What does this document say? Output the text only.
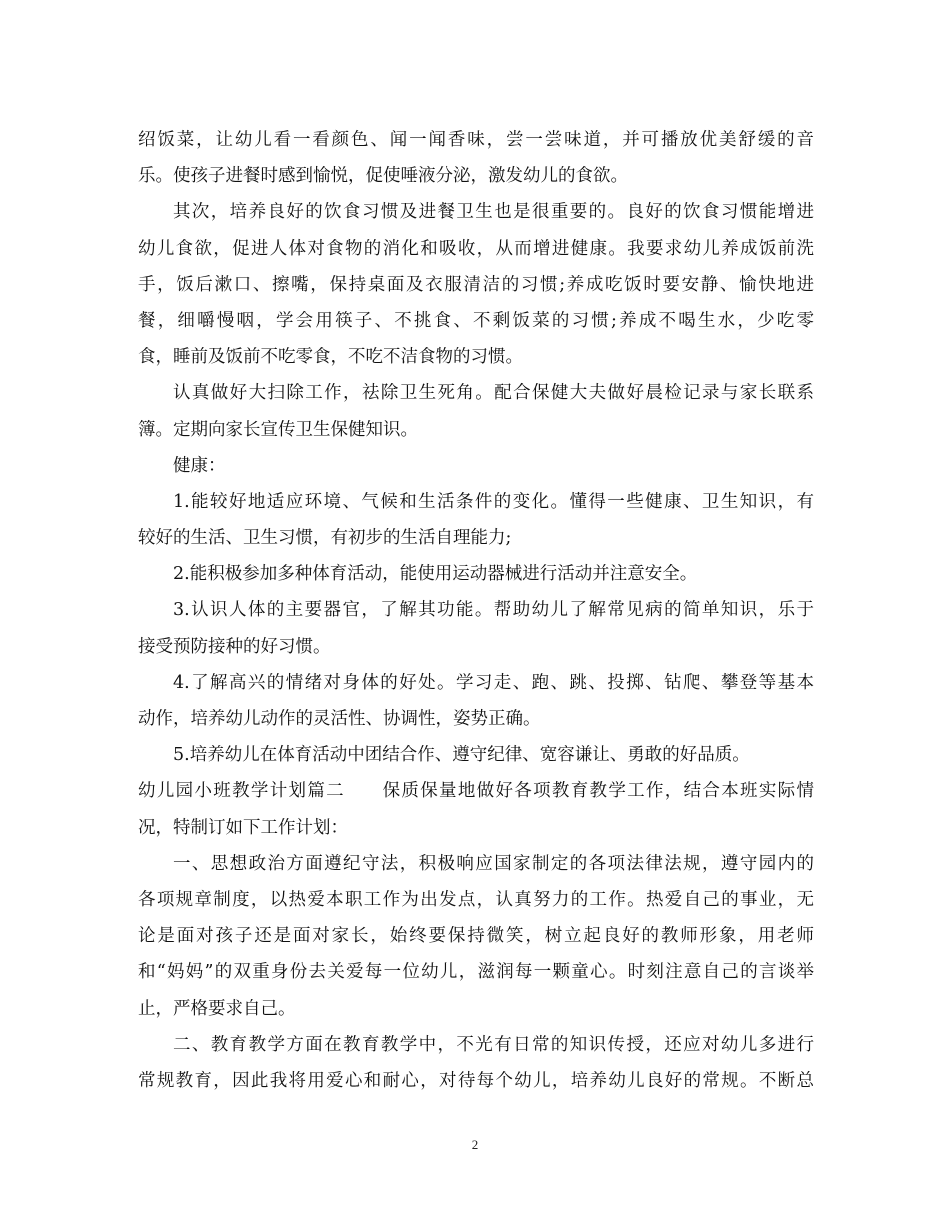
绍饭菜，让幼儿看一看颜色、闻一闻香味，尝一尝味道，并可播放优美舒缓的音
乐。使孩子进餐时感到愉悦，促使唾液分泌，激发幼儿的食欲。
其次，培养良好的饮食习惯及进餐卫生也是很重要的。良好的饮食习惯能增进
幼儿食欲，促进人体对食物的消化和吸收，从而增进健康。我要求幼儿养成饭前洗
手，饭后漱口、擦嘴，保持桌面及衣服清洁的习惯;养成吃饭时要安静、愉快地进
餐，细嚼慢咽，学会用筷子、不挑食、不剩饭菜的习惯;养成不喝生水，少吃零
食，睡前及饭前不吃零食，不吃不洁食物的习惯。
认真做好大扫除工作，祛除卫生死角。配合保健大夫做好晨检记录与家长联系
簿。定期向家长宣传卫生保健知识。
健康：
1.能较好地适应环境、气候和生活条件的变化。懂得一些健康、卫生知识，有
较好的生活、卫生习惯，有初步的生活自理能力;
2.能积极参加多种体育活动，能使用运动器械进行活动并注意安全。
3.认识人体的主要器官，了解其功能。帮助幼儿了解常见病的简单知识，乐于
接受预防接种的好习惯。
4.了解高兴的情绪对身体的好处。学习走、跑、跳、投掷、钻爬、攀登等基本
动作，培养幼儿动作的灵活性、协调性，姿势正确。
5.培养幼儿在体育活动中团结合作、遵守纪律、宽容谦让、勇敢的好品质。
幼儿园小班教学计划篇二　　保质保量地做好各项教育教学工作，结合本班实际情
况，特制订如下工作计划：
一、思想政治方面遵纪守法，积极响应国家制定的各项法律法规，遵守园内的
各项规章制度，以热爱本职工作为出发点，认真努力的工作。热爱自己的事业，无
论是面对孩子还是面对家长，始终要保持微笑，树立起良好的教师形象，用老师
和“妈妈”的双重身份去关爱每一位幼儿，滋润每一颗童心。时刻注意自己的言谈举
止，严格要求自己。
二、教育教学方面在教育教学中，不光有日常的知识传授，还应对幼儿多进行
常规教育，因此我将用爱心和耐心，对待每个幼儿，培养幼儿良好的常规。不断总
2
